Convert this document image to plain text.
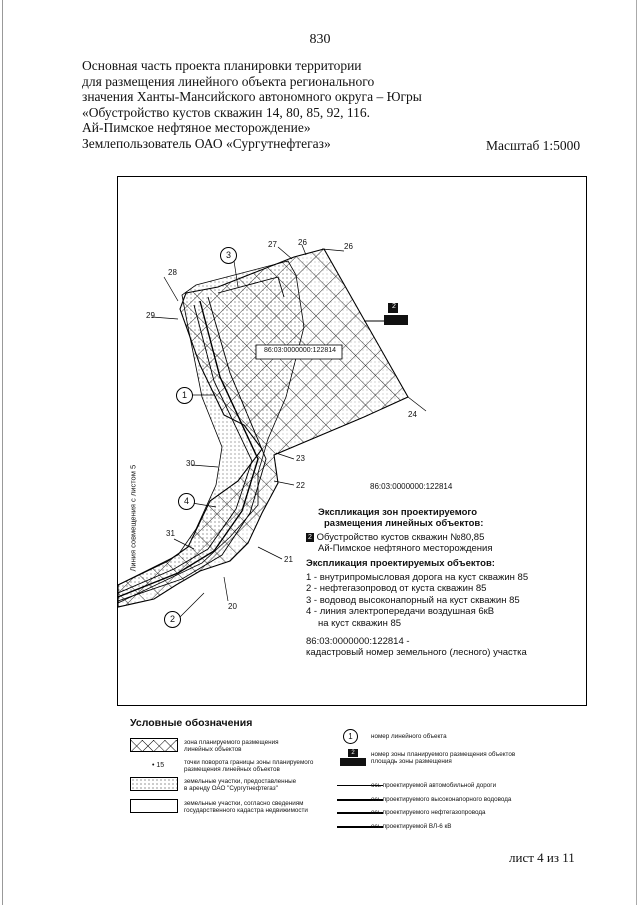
830
Основная часть проекта планировки территории
для размещения линейного объекта регионального
значения Ханты-Мансийского автономного округа – Югры
«Обустройство кустов скважин 14, 80, 85, 92, 116.
Ай-Пимское нефтяное месторождение»
Землепользователь ОАО «Сургутнефтегаз»	Масштаб 1:5000
Линия совмещения с листом 5
30
23
22
21
24
26
26
27
28
29
31
20
1
2
3
4
86:03:0000000:122814
2
86:03:0000000:122814
Экспликация зон проектируемого
размещения линейных объектов:
2 Обустройство кустов скважин №80,85
Ай-Пимское нефтяного месторождения
Экспликация проектируемых объектов:
1 - внутрипромысловая дорога на куст скважин 85
2 - нефтегазопровод от куста скважин 85
3 - водовод высоконапорный на куст скважин 85
4 - линия электропередачи воздушная 6кВ
на куст скважин 85
86:03:0000000:122814 -
кадастровый номер земельного (лесного) участка
Условные обозначения
зона планируемого размещения
линейных объектов
• 15	точки поворота границы зоны планируемого
размещения линейных объектов
земельные участки, предоставленные
в аренду ОАО "Сургутнефтегаз"
земельные участки, согласно сведениям
государственного кадастра недвижимости
1	номер линейного объекта
2	номер зоны планируемого размещения объектов
площадь зоны размещения
ось проектируемой автомобильной дороги
ось проектируемого высоконапорного водовода
ось проектируемого нефтегазопровода
ось проектируемой ВЛ-6 кВ
лист 4 из 11
